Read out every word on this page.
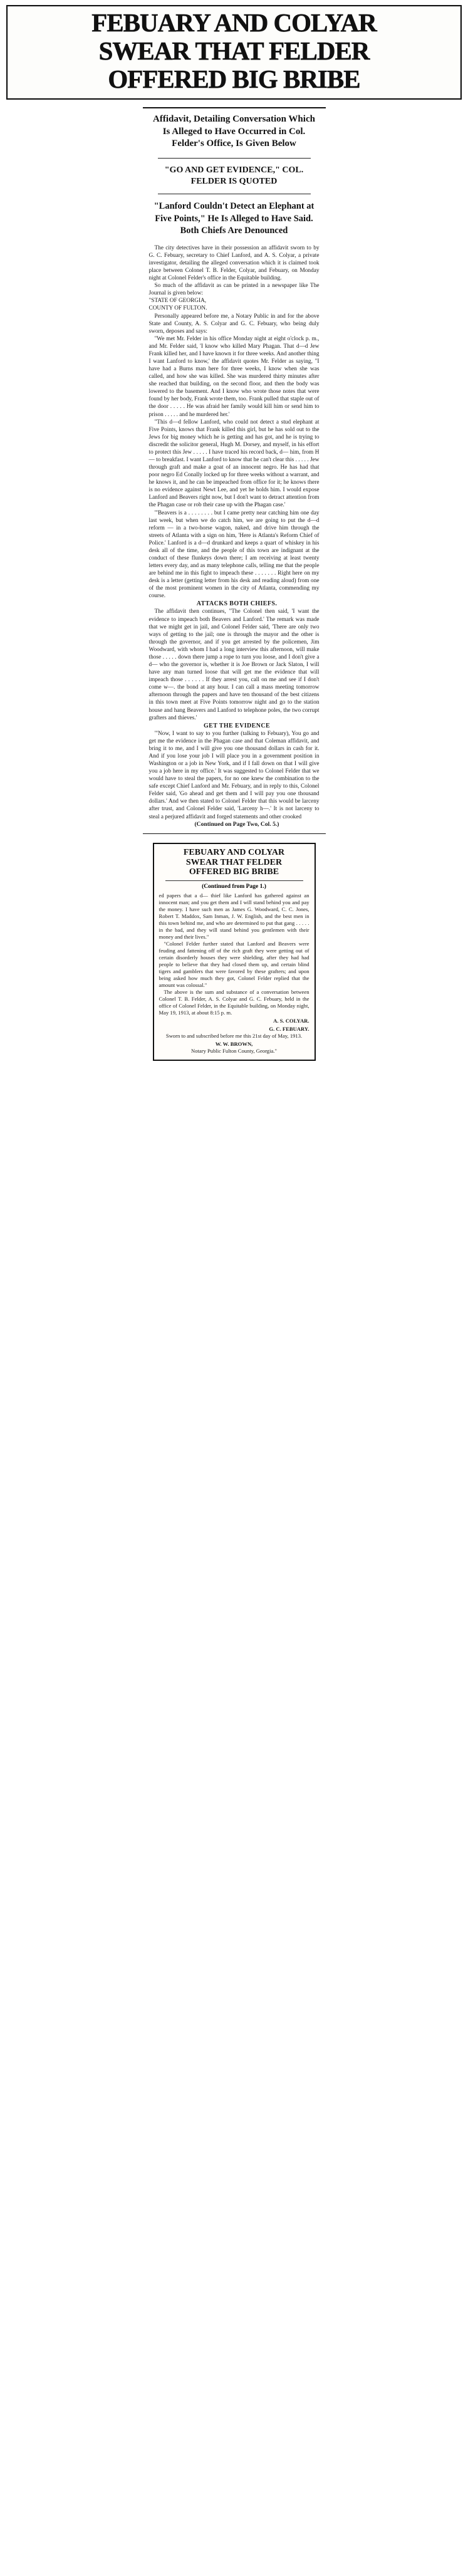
FEBUARY AND COLYAR
SWEAR THAT FELDER
OFFERED BIG BRIBE
Affidavit, Detailing Conversation Which Is Alleged to Have Occurred in Col. Felder's Office, Is Given Below
"GO AND GET EVIDENCE," COL. FELDER IS QUOTED
"Lanford Couldn't Detect an Elephant at Five Points," He Is Alleged to Have Said. Both Chiefs Are Denounced

The city detectives have in their possession an affidavit sworn to by G. C. Febuary, secretary to Chief Lanford, and A. S. Colyar, a private investigator, detailing the alleged conversation which it is claimed took place between Colonel T. B. Felder, Colyar, and Febuary, on Monday night at Colonel Felder's office in the Equitable building.

So much of the affidavit as can be printed in a newspaper like The Journal is given below:

"STATE OF GEORGIA,

COUNTY OF FULTON.

Personally appeared before me, a Notary Public in and for the above State and County, A. S. Colyar and G. C. Febuary, who being duly sworn, deposes and says:

"We met Mr. Felder in his office Monday night at eight o'clock p. m., and Mr. Felder said, 'I know who killed Mary Phagan. That d—d Jew Frank killed her, and I have known it for three weeks. And another thing I want Lanford to know,' the affidavit quotes Mr. Felder as saying, "I have had a Burns man here for three weeks, I know when she was called, and how she was killed. She was murdered thirty minutes after she reached that building, on the second floor, and then the body was lowered to the basement. And I know who wrote those notes that were found by her body, Frank wrote them, too. Frank pulled that staple out of the door . . . . . He was afraid her family would kill him or send him to prison . . . . . and he murdered her.'

"This d—d fellow Lanford, who could not detect a stud elephant at Five Points, knows that Frank killed this girl, but he has sold out to the Jews for big money which he is getting and has got, and he is trying to discredit the solicitor general, Hugh M. Dorsey, and myself, in his effort to protect this Jew . . . . . I have traced his record back, d— him, from H— to breakfast. I want Lanford to know that he can't clear this . . . . . Jew through graft and make a goat of an innocent negro. He has had that poor negro Ed Conally locked up for three weeks without a warrant, and he knows it, and he can be impeached from office for it; he knows there is no evidence against Newt Lee, and yet he holds him. I would expose Lanford and Beavers right now, but I don't want to detract attention from the Phagan case or rob their case up with the Phagan case.'

"'Beavers is a . . . . . . . . but I came pretty near catching him one day last week, but when we do catch him, we are going to put the d—d reform — in a two-horse wagon, naked, and drive him through the streets of Atlanta with a sign on him, 'Here is Atlanta's Reform Chief of Police.' Lanford is a d—d drunkard and keeps a quart of whiskey in his desk all of the time, and the people of this town are indignant at the conduct of these flunkeys down there; I am receiving at least twenty letters every day, and as many telephone calls, telling me that the people are behind me in this fight to impeach these . . . . . . . Right here on my desk is a letter (getting letter from his desk and reading aloud) from one of the most prominent women in the city of Atlanta, commending my course.

ATTACKS BOTH CHIEFS.

The affidavit then continues, "The Colonel then said, 'I want the evidence to impeach both Beavers and Lanford.' The remark was made that we might get in jail, and Colonel Felder said, 'There are only two ways of getting to the jail; one is through the mayor and the other is through the governor, and if you get arrested by the policemen, Jim Woodward, with whom I had a long interview this afternoon, will make those . . . . . down there jump a rope to turn you loose, and I don't give a d— who the governor is, whether it is Joe Brown or Jack Slaton, I will have any man turned loose that will get me the evidence that will impeach those . . . . . . If they arrest you, call on me and see if I don't come w—. the bond at any hour. I can call a mass meeting tomorrow afternoon through the papers and have ten thousand of the best citizens in this town meet at Five Points tomorrow night and go to the station house and hang Beavers and Lanford to telephone poles, the two corrupt grafters and thieves.'

GET THE EVIDENCE

"'Now, I want to say to you further (talking to Febuary), You go and get me the evidence in the Phagan case and that Coleman affidavit, and bring it to me, and I will give you one thousand dollars in cash for it. And if you lose your job I will place you in a government position in Washington or a job in New York, and if I fall down on that I will give you a job here in my office.' It was suggested to Colonel Felder that we would have to steal the papers, for no one knew the combination to the safe except Chief Lanford and Mr. Febuary, and in reply to this, Colonel Felder said, 'Go ahead and get them and I will pay you one thousand dollars.' And we then stated to Colonel Felder that this would be larceny after trust, and Colonel Felder said, 'Larceny h—.' It is not larceny to steal a perjured affidavit and forged statements and other crooked

(Continued on Page Two, Col. 5.)

FEBUARY AND COLYAR
SWEAR THAT FELDER
OFFERED BIG BRIBE
(Continued from Page 1.)

ed papers that a d— thief like Lanford has gathered against an innocent man; and you get them and I will stand behind you and pay the money. I have such men as James G. Woodward, C. C. Jones, Robert T. Maddox, Sam Inman, J. W. English, and the best men in this town behind me, and who are determined to put that gang . . . . . in the bad, and they will stand behind you gentlemen with their money and their lives."

"Colonel Felder further stated that Lanford and Beavers were feuding and fattening off of the rich graft they were getting out of certain disorderly houses they were shielding, after they had had people to believe that they had closed them up, and certain blind tigers and gamblers that were favored by these grafters; and upon being asked how much they got, Colonel Felder replied that the amount was colossal."

The above is the sum and substance of a conversation between Colonel T. B. Felder, A. S. Colyar and G. C. Febuary, held in the office of Colonel Felder, in the Equitable building, on Monday night, May 19, 1913, at about 8:15 p. m.

A. S. COLYAR.
G. C. FEBUARY.
Sworn to and subscribed before me this 21st day of May, 1913.
W. W. BROWN,
Notary Public Fulton County, Georgia."
